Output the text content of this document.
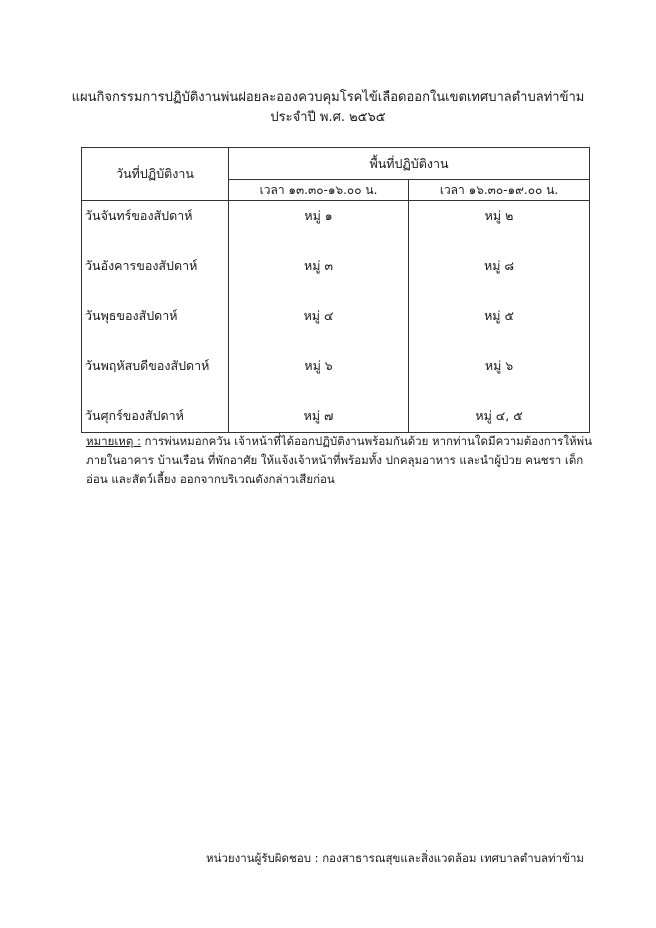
แผนกิจกรรมการปฏิบัติงานพ่นฝอยละอองควบคุมโรคไข้เลือดออกในเขตเทศบาลตำบลท่าข้าม
ประจำปี พ.ศ. ๒๕๖๕
วันที่ปฏิบัติงาน	พื้นที่ปฏิบัติงาน	
	เวลา ๑๓.๓๐-๑๖.๐๐ น.	เวลา ๑๖.๓๐-๑๙.๐๐ น.
วันจันทร์ของสัปดาห์	หมู่ ๑	หมู่ ๒
วันอังคารของสัปดาห์	หมู่ ๓	หมู่ ๘
วันพุธของสัปดาห์	หมู่ ๔	หมู่ ๕
วันพฤหัสบดีของสัปดาห์	หมู่ ๖	หมู่ ๖
วันศุกร์ของสัปดาห์	หมู่ ๗	หมู่ ๔, ๕
หมายเหตุ : การพ่นหมอกควัน เจ้าหน้าที่ได้ออกปฏิบัติงานพร้อมกันด้วย หากท่านใดมีความต้องการให้พ่นภายในอาคาร บ้านเรือน ที่พักอาศัย ให้แจ้งเจ้าหน้าที่พร้อมทั้ง ปกคลุมอาหาร และนำผู้ป่วย คนชรา เด็กอ่อน และสัตว์เลี้ยง ออกจากบริเวณดังกล่าวเสียก่อน
หน่วยงานผู้รับผิดชอบ : กองสาธารณสุขและสิ่งแวดล้อม เทศบาลตำบลท่าข้าม
